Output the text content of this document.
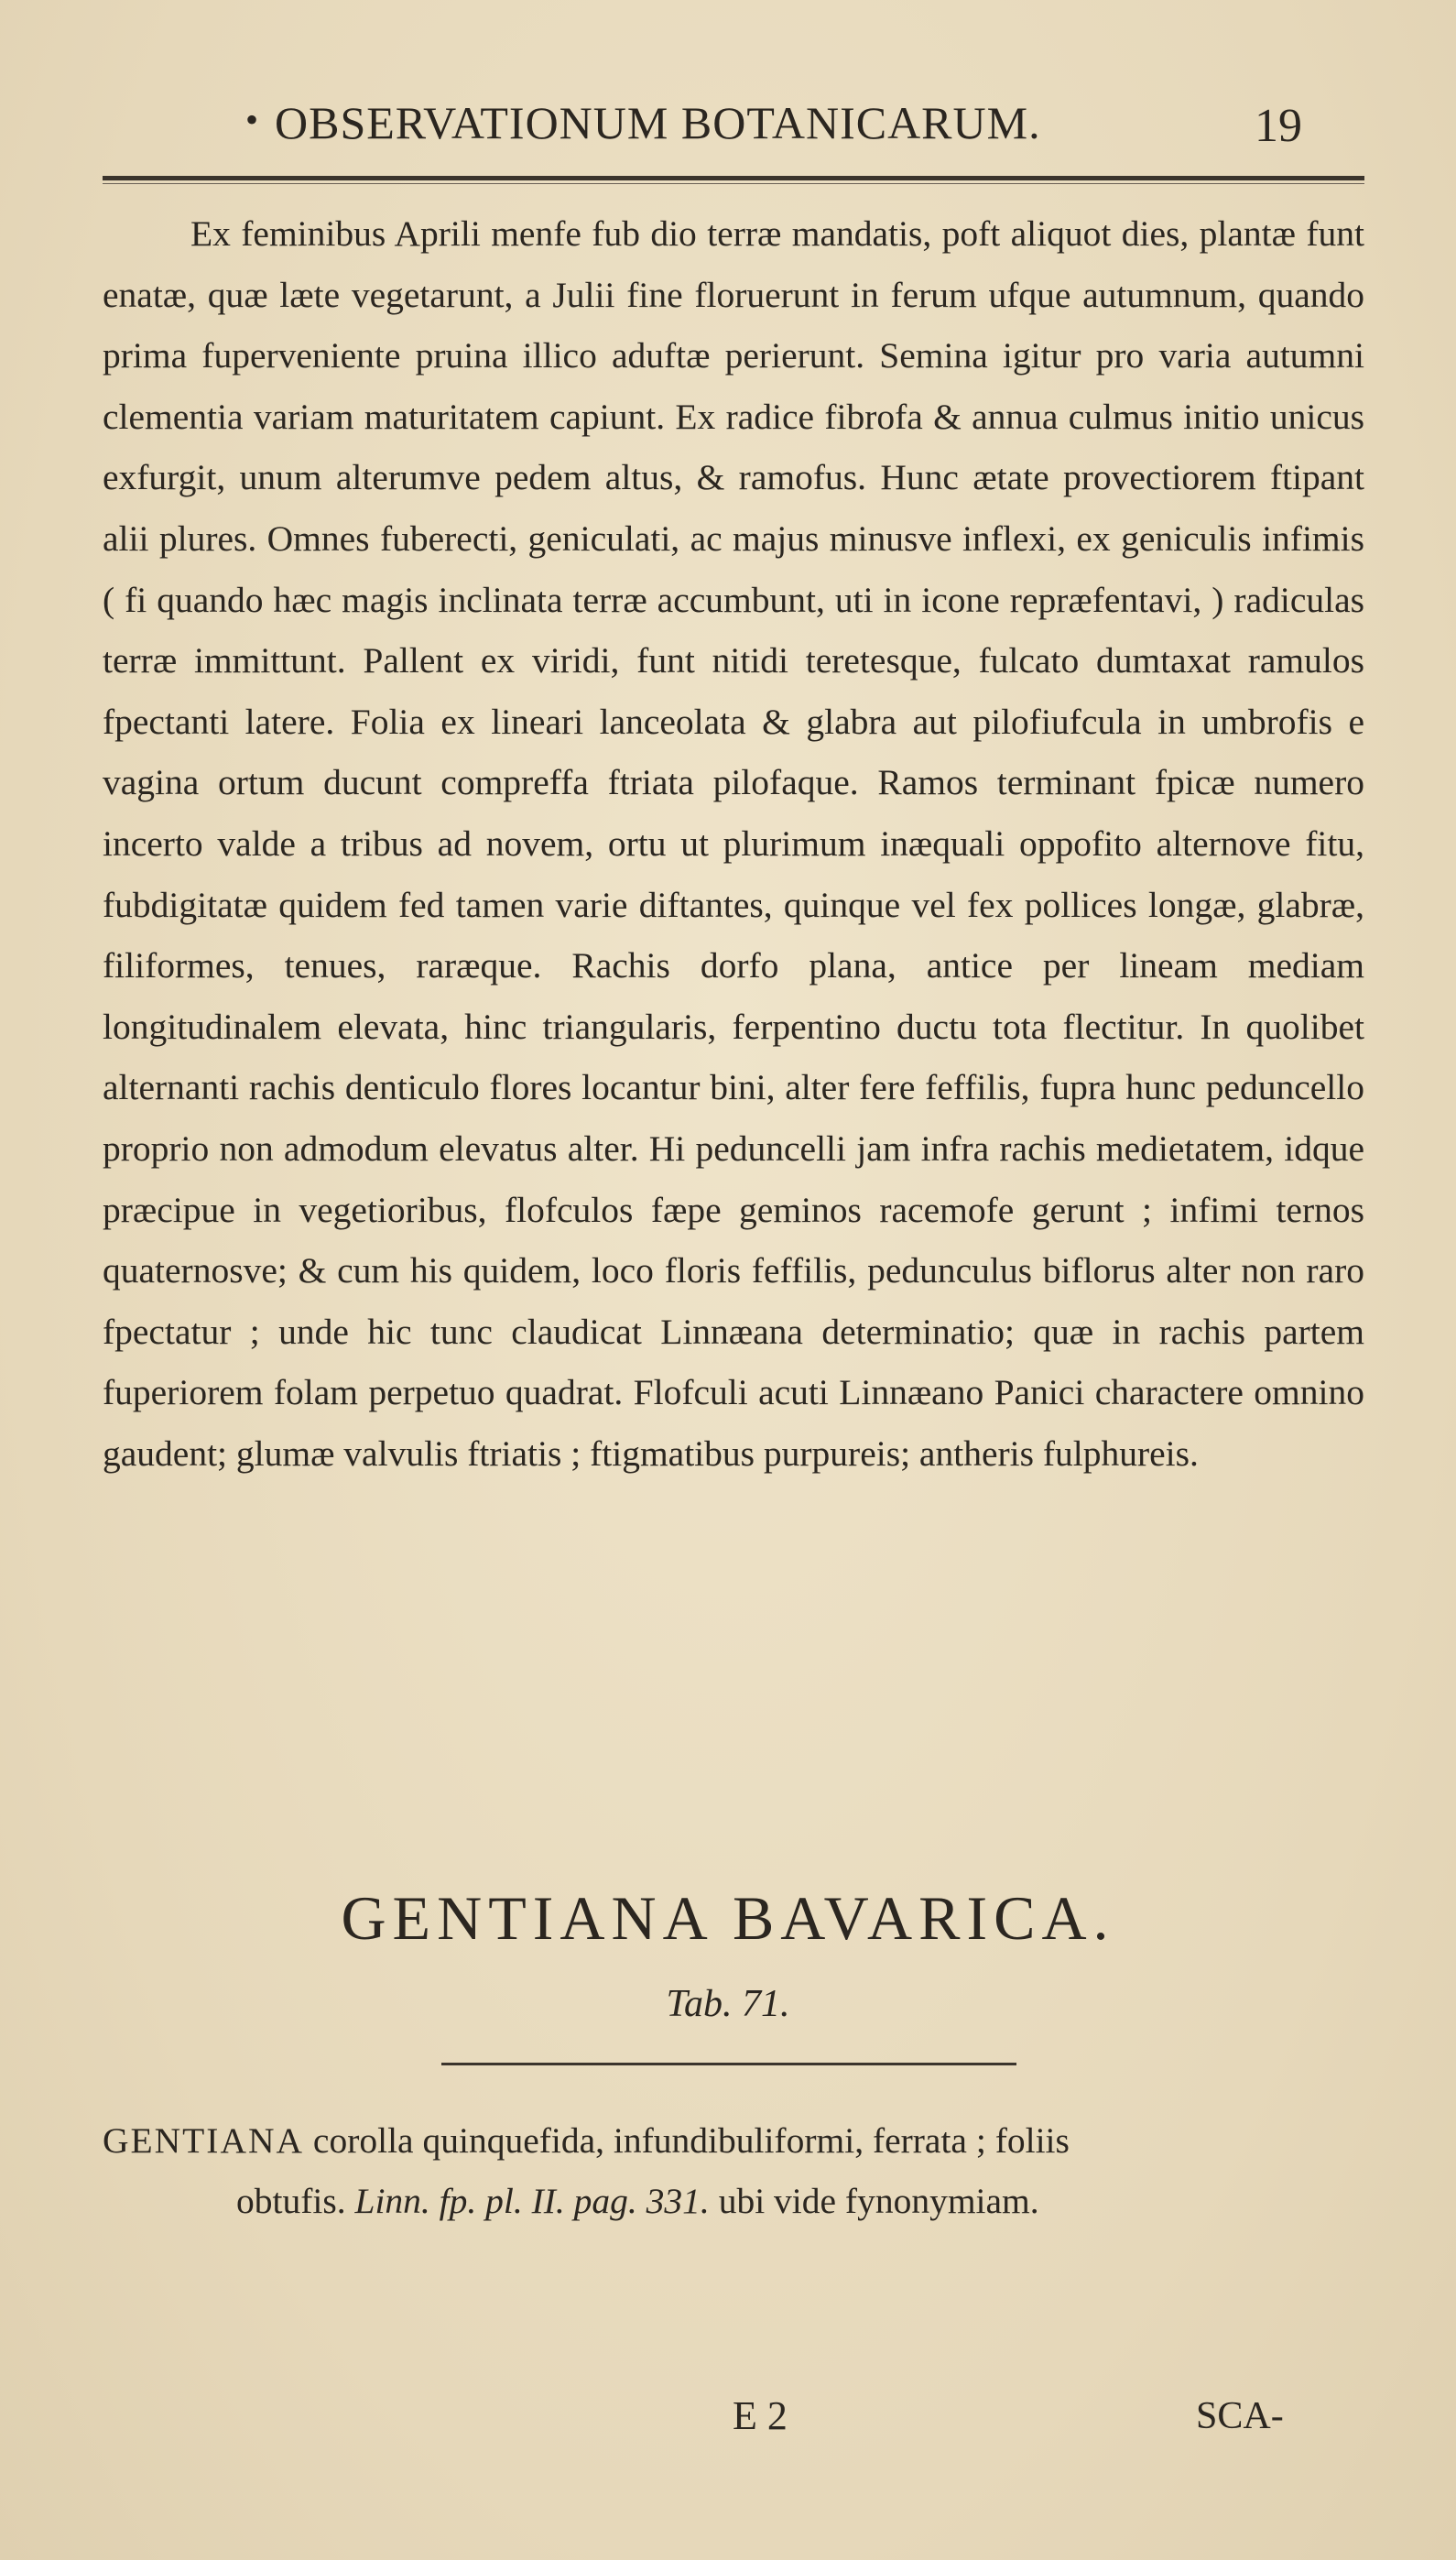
• OBSERVATIONUM BOTANICARUM.	19
Ex feminibus Aprili menfe fub dio terræ mandatis, poft aliquot dies, plantæ funt enatæ, quæ læte vegetarunt, a Julii fine floruerunt in ferum ufque autumnum, quando prima fuperveniente pruina illico aduftæ perierunt. Semina igitur pro varia autumni clementia variam maturitatem capiunt. Ex radice fibrofa & annua culmus initio unicus exfurgit, unum alterumve pedem altus, & ramofus. Hunc ætate provectiorem ftipant alii plures. Omnes fuberecti, geniculati, ac majus minusve inflexi, ex geniculis infimis ( fi quando hæc magis inclinata terræ accumbunt, uti in icone repræfentavi, ) radiculas terræ immittunt. Pallent ex viridi, funt nitidi teretesque, fulcato dumtaxat ramulos fpectanti latere. Folia ex lineari lanceolata & glabra aut pilofiufcula in umbrofis e vagina ortum ducunt compreffa ftriata pilofaque. Ramos terminant fpicæ numero incerto valde a tribus ad novem, ortu ut plurimum inæquali oppofito alternove fitu, fubdigitatæ quidem fed tamen varie diftantes, quinque vel fex pollices longæ, glabræ, filiformes, tenues, raræque. Rachis dorfo plana, antice per lineam mediam longitudinalem elevata, hinc triangularis, ferpentino ductu tota flectitur. In quolibet alternanti rachis denticulo flores locantur bini, alter fere feffilis, fupra hunc peduncello proprio non admodum elevatus alter. Hi peduncelli jam infra rachis medietatem, idque præcipue in vegetioribus, flofculos fæpe geminos racemofe gerunt ; infimi ternos quaternosve; & cum his quidem, loco floris feffilis, pedunculus biflorus alter non raro fpectatur ; unde hic tunc claudicat Linnæana determinatio; quæ in rachis partem fuperiorem folam perpetuo quadrat. Flofculi acuti Linnæano Panici charactere omnino gaudent; glumæ valvulis ftriatis ; ftigmatibus purpureis; antheris fulphureis.
GENTIANA BAVARICA.
Tab. 71.
GENTIANA corolla quinquefida, infundibuliformi, ferrata ; foliis
obtufis. Linn. fp. pl. II. pag. 331. ubi vide fynonymiam.
E 2	SCA-
